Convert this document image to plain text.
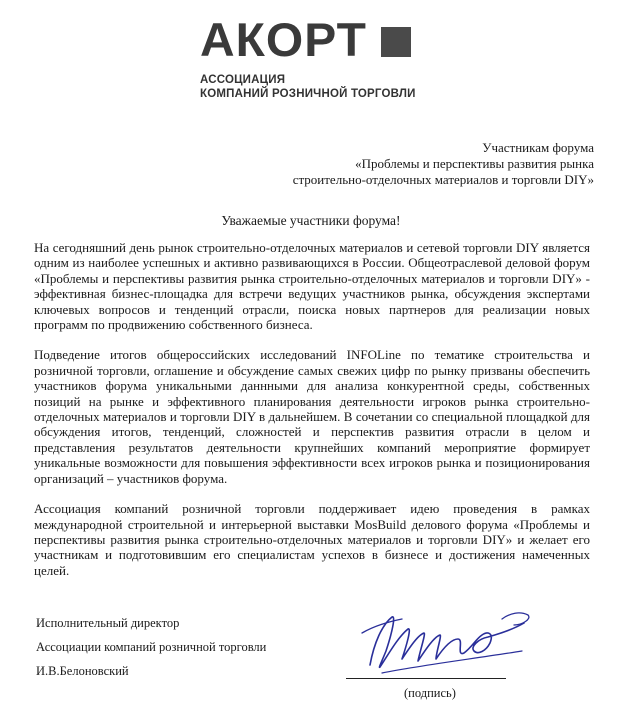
АКОРТ
АССОЦИАЦИЯ
КОМПАНИЙ РОЗНИЧНОЙ ТОРГОВЛИ
Участникам форума
«Проблемы и перспективы развития рынка
строительно-отделочных материалов и торговли DIY»
Уважаемые участники форума!

На сегодняшний день рынок строительно-отделочных материалов и сетевой торговли DIY является одним из наиболее успешных и активно развивающихся в России. Общеотраслевой деловой форум «Проблемы и перспективы развития рынка строительно-отделочных материалов и торговли DIY» - эффективная бизнес-площадка для встречи ведущих участников рынка, обсуждения экспертами ключевых вопросов и тенденций отрасли, поиска новых партнеров для реализации новых программ по продвижению собственного бизнеса.

Подведение итогов общероссийских исследований INFOLine по тематике строительства и розничной торговли, оглашение и обсуждение самых свежих цифр по рынку призваны обеспечить участников форума уникальными даннными для анализа конкурентной среды, собственных позиций на рынке и эффективного планирования деятельности игроков рынка строительно-отделочных материалов и торговли DIY в дальнейшем. В сочетании со специальной площадкой для обсуждения итогов, тенденций, сложностей и перспектив развития отрасли в целом и представления результатов деятельности крупнейших компаний мероприятие формирует уникальные возможности для повышения эффективности всех игроков рынка и позиционирования организаций – участников форума.

Ассоциация компаний розничной торговли поддерживает идею проведения в рамках международной строительной и интерьерной выставки MosBuild делового форума «Проблемы и перспективы развития рынка строительно-отделочных материалов и торговли DIY» и желает его участникам и подготовившим его специалистам успехов в бизнесе и достижения намеченных целей.

Исполнительный директор
Ассоциации компаний розничной торговли
И.В.Белоновский
(подпись)
